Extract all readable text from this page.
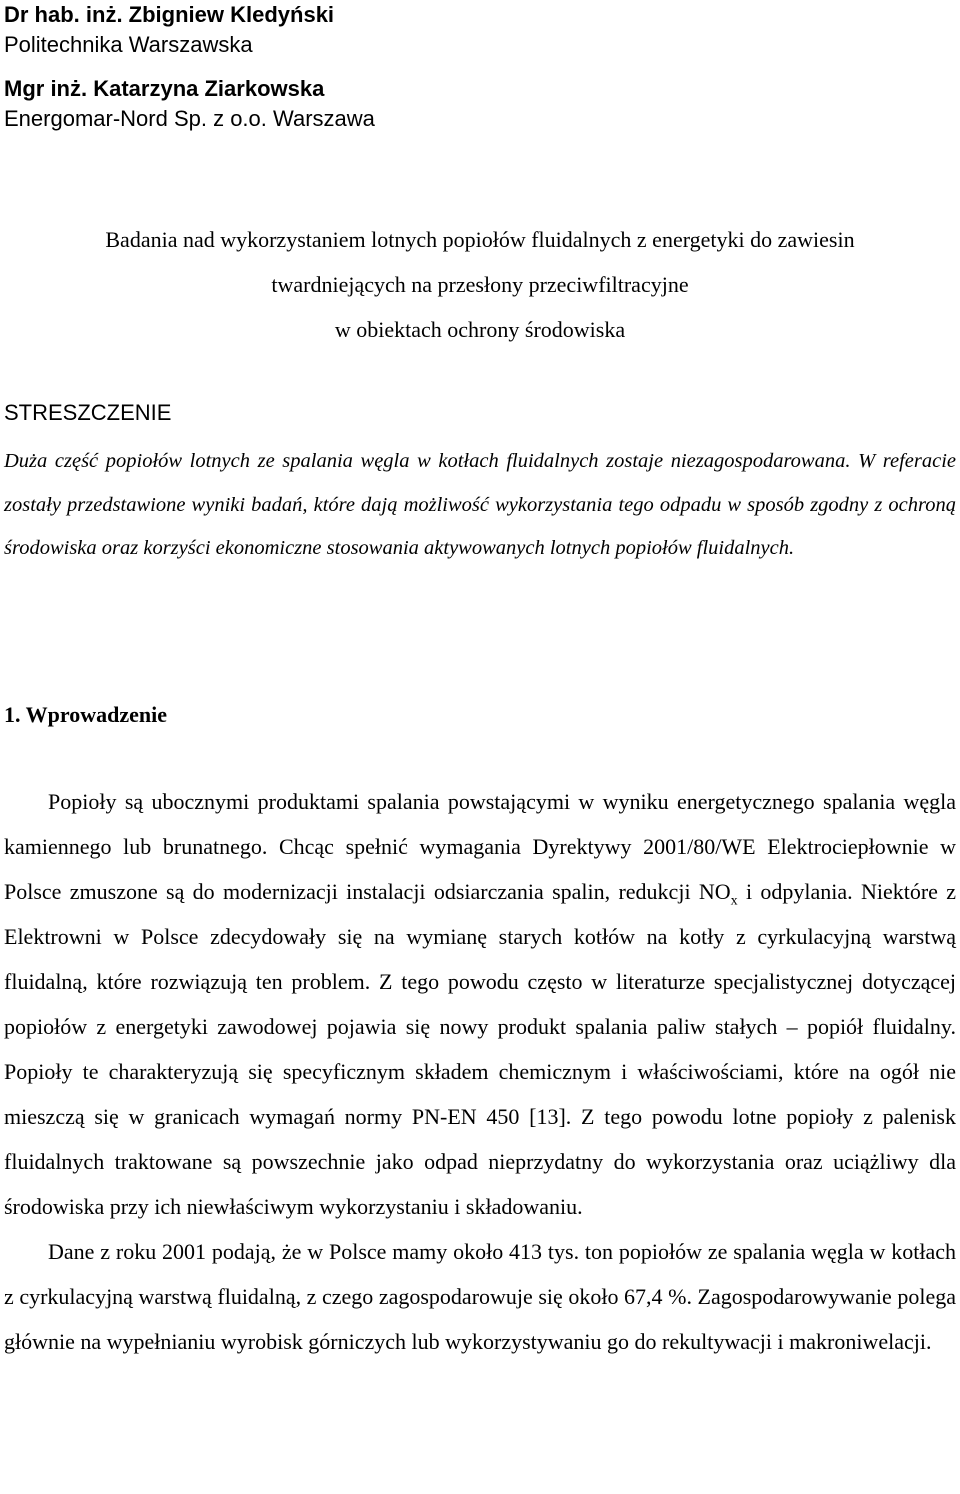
Dr hab. inż. Zbigniew Kledyński
Politechnika Warszawska
Mgr inż. Katarzyna Ziarkowska
Energomar-Nord Sp. z o.o. Warszawa
Badania nad wykorzystaniem lotnych popiołów fluidalnych z energetyki do zawiesin
twardniejących na przesłony przeciwfiltracyjne
w obiektach ochrony środowiska
STRESZCZENIE
Duża część popiołów lotnych ze spalania węgla w kotłach fluidalnych zostaje niezagospodarowana. W referacie zostały przedstawione wyniki badań, które dają możliwość wykorzystania tego odpadu w sposób zgodny z ochroną środowiska oraz korzyści ekonomiczne stosowania aktywowanych lotnych popiołów fluidalnych.
1. Wprowadzenie

Popioły są ubocznymi produktami spalania powstającymi w wyniku energetycznego spalania węgla kamiennego lub brunatnego. Chcąc spełnić wymagania Dyrektywy 2001/80/WE Elektrociepłownie w Polsce zmuszone są do modernizacji instalacji odsiarczania spalin, redukcji $NO_x$ i odpylania. Niektóre z Elektrowni w Polsce zdecydowały się na wymianę starych kotłów na kotły z cyrkulacyjną warstwą fluidalną, które rozwiązują ten problem. Z tego powodu często w literaturze specjalistycznej dotyczącej popiołów z energetyki zawodowej pojawia się nowy produkt spalania paliw stałych – popiół fluidalny. Popioły te charakteryzują się specyficznym składem chemicznym i właściwościami, które na ogół nie mieszczą się w granicach wymagań normy PN-EN 450 [13]. Z tego powodu lotne popioły z palenisk fluidalnych traktowane są powszechnie jako odpad nieprzydatny do wykorzystania oraz uciążliwy dla środowiska przy ich niewłaściwym wykorzystaniu i składowaniu.

Dane z roku 2001 podają, że w Polsce mamy około 413 tys. ton popiołów ze spalania węgla w kotłach z cyrkulacyjną warstwą fluidalną, z czego zagospodarowuje się około 67,4 %. Zagospodarowywanie polega głównie na wypełnianiu wyrobisk górniczych lub wykorzystywaniu go do rekultywacji i makroniwelacji.
